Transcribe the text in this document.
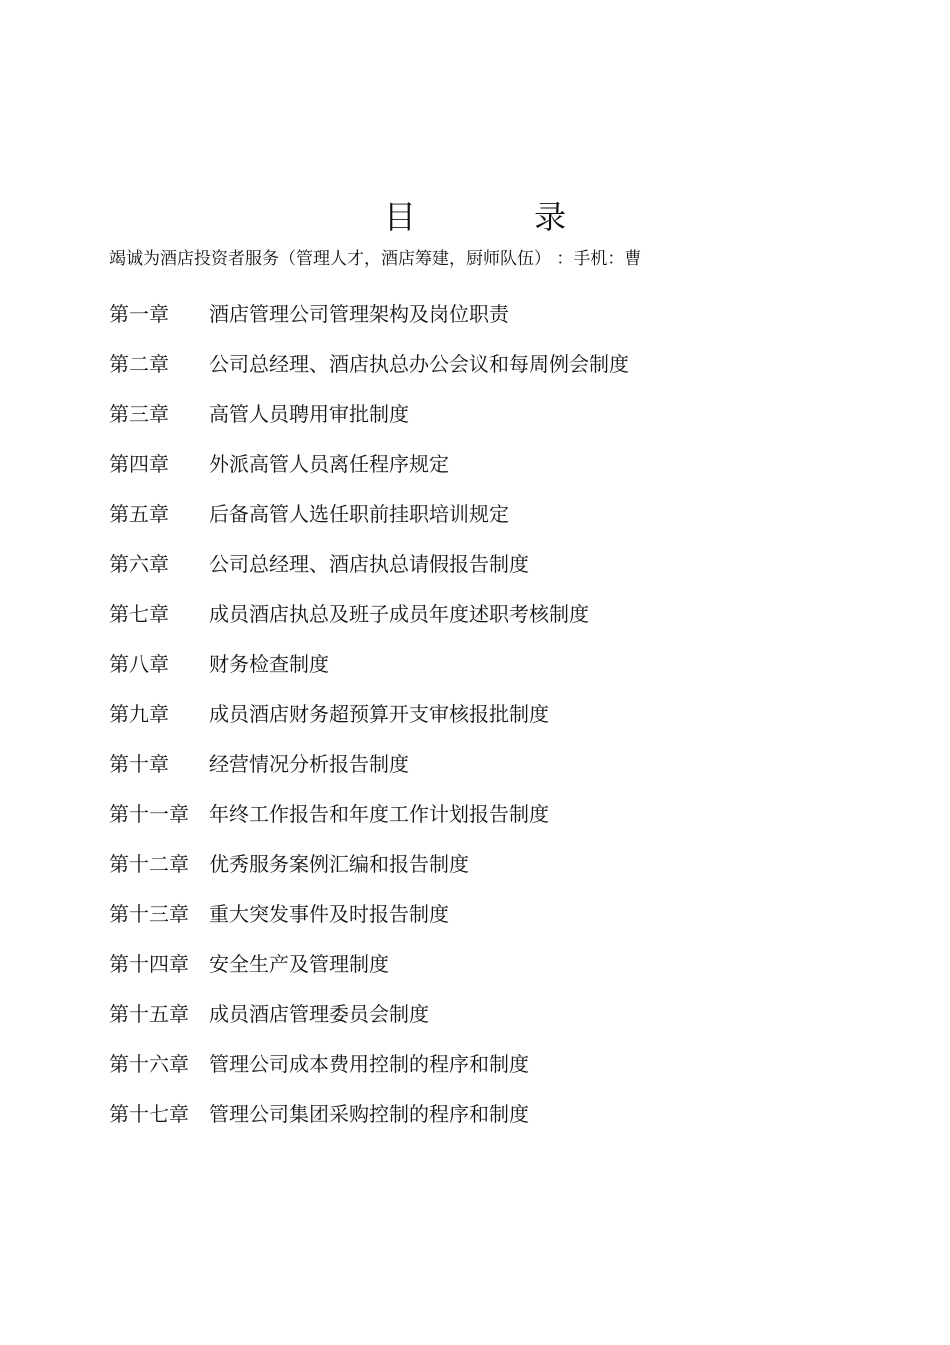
目 录
竭诚为酒店投资者服务（管理人才，酒店筹建，厨师队伍） ：手机：曹
第一章	酒店管理公司管理架构及岗位职责
第二章	公司总经理、酒店执总办公会议和每周例会制度
第三章	高管人员聘用审批制度
第四章	外派高管人员离任程序规定
第五章	后备高管人选任职前挂职培训规定
第六章	公司总经理、酒店执总请假报告制度
第七章	成员酒店执总及班子成员年度述职考核制度
第八章	财务检查制度
第九章	成员酒店财务超预算开支审核报批制度
第十章	经营情况分析报告制度
第十一章	年终工作报告和年度工作计划报告制度
第十二章	优秀服务案例汇编和报告制度
第十三章	重大突发事件及时报告制度
第十四章	安全生产及管理制度
第十五章	成员酒店管理委员会制度
第十六章	管理公司成本费用控制的程序和制度
第十七章	管理公司集团采购控制的程序和制度
